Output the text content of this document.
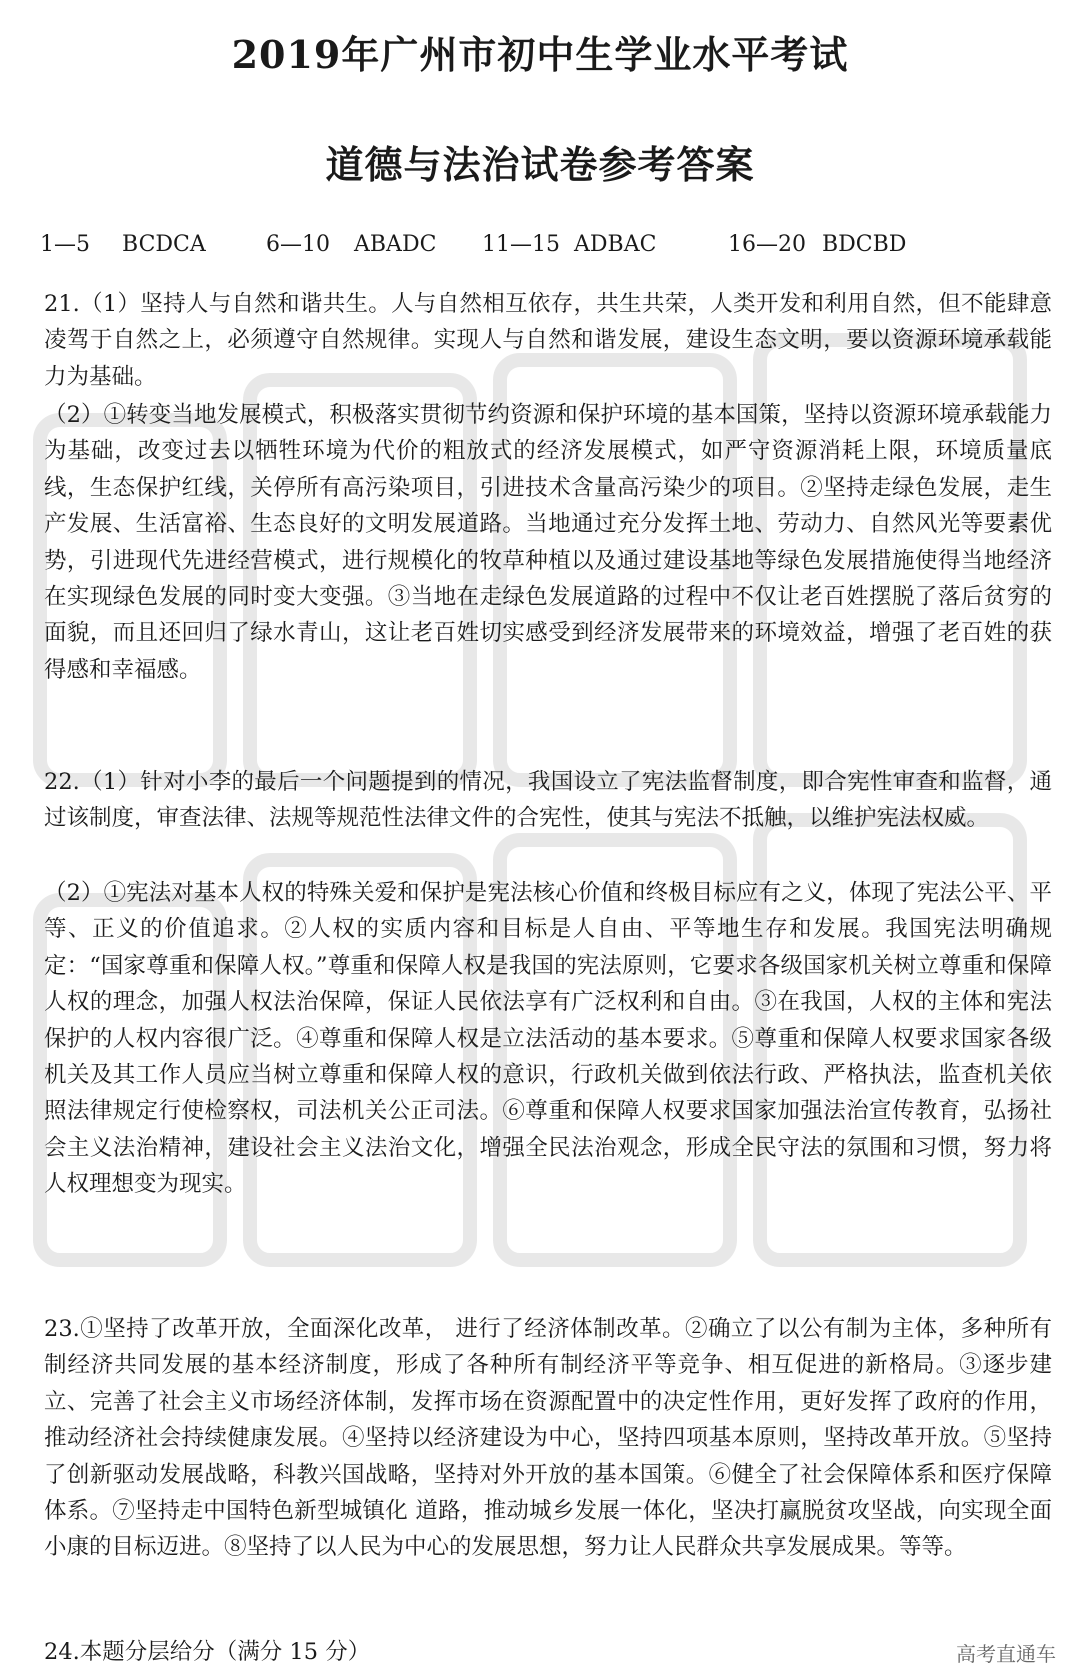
2019年广州市初中生学业水平考试
道德与法治试卷参考答案
1—5 BCDCA	6—10 ABADC 11—15 ADBAC	16—20 BDCBD
21.（1）坚持人与自然和谐共生。人与自然相互依存，共生共荣，人类开发和利用自然，但不能肆意凌驾于自然之上，必须遵守自然规律。实现人与自然和谐发展，建设生态文明，要以资源环境承载能力为基础。
（2）①转变当地发展模式，积极落实贯彻节约资源和保护环境的基本国策，坚持以资源环境承载能力为基础，改变过去以牺牲环境为代价的粗放式的经济发展模式，如严守资源消耗上限，环境质量底线，生态保护红线，关停所有高污染项目，引进技术含量高污染少的项目。②坚持走绿色发展，走生产发展、生活富裕、生态良好的文明发展道路。当地通过充分发挥土地、劳动力、自然风光等要素优势，引进现代先进经营模式，进行规模化的牧草种植以及通过建设基地等绿色发展措施使得当地经济在实现绿色发展的同时变大变强。③当地在走绿色发展道路的过程中不仅让老百姓摆脱了落后贫穷的面貌，而且还回归了绿水青山，这让老百姓切实感受到经济发展带来的环境效益，增强了老百姓的获得感和幸福感。
22.（1）针对小李的最后一个问题提到的情况，我国设立了宪法监督制度，即合宪性审查和监督，通过该制度，审查法律、法规等规范性法律文件的合宪性，使其与宪法不抵触，以维护宪法权威。
（2）①宪法对基本人权的特殊关爱和保护是宪法核心价值和终极目标应有之义，体现了宪法公平、平等、正义的价值追求。②人权的实质内容和目标是人自由、平等地生存和发展。我国宪法明确规定：“国家尊重和保障人权。”尊重和保障人权是我国的宪法原则，它要求各级国家机关树立尊重和保障人权的理念，加强人权法治保障，保证人民依法享有广泛权利和自由。③在我国，人权的主体和宪法保护的人权内容很广泛。④尊重和保障人权是立法活动的基本要求。⑤尊重和保障人权要求国家各级机关及其工作人员应当树立尊重和保障人权的意识，行政机关做到依法行政、严格执法，监查机关依照法律规定行使检察权，司法机关公正司法。⑥尊重和保障人权要求国家加强法治宣传教育，弘扬社会主义法治精神，建设社会主义法治文化，增强全民法治观念，形成全民守法的氛围和习惯，努力将人权理想变为现实。
23.①坚持了改革开放，全面深化改革， 进行了经济体制改革。②确立了以公有制为主体，多种所有制经济共同发展的基本经济制度，形成了各种所有制经济平等竞争、相互促进的新格局。③逐步建立、完善了社会主义市场经济体制，发挥市场在资源配置中的决定性作用，更好发挥了政府的作用，推动经济社会持续健康发展。④坚持以经济建设为中心，坚持四项基本原则，坚持改革开放。⑤坚持了创新驱动发展战略，科教兴国战略，坚持对外开放的基本国策。⑥健全了社会保障体系和医疗保障体系。⑦坚持走中国特色新型城镇化 道路，推动城乡发展一体化，坚决打赢脱贫攻坚战，向实现全面小康的目标迈进。⑧坚持了以人民为中心的发展思想，努力让人民群众共享发展成果。等等。
24.本题分层给分（满分 15 分）	高考直通车
